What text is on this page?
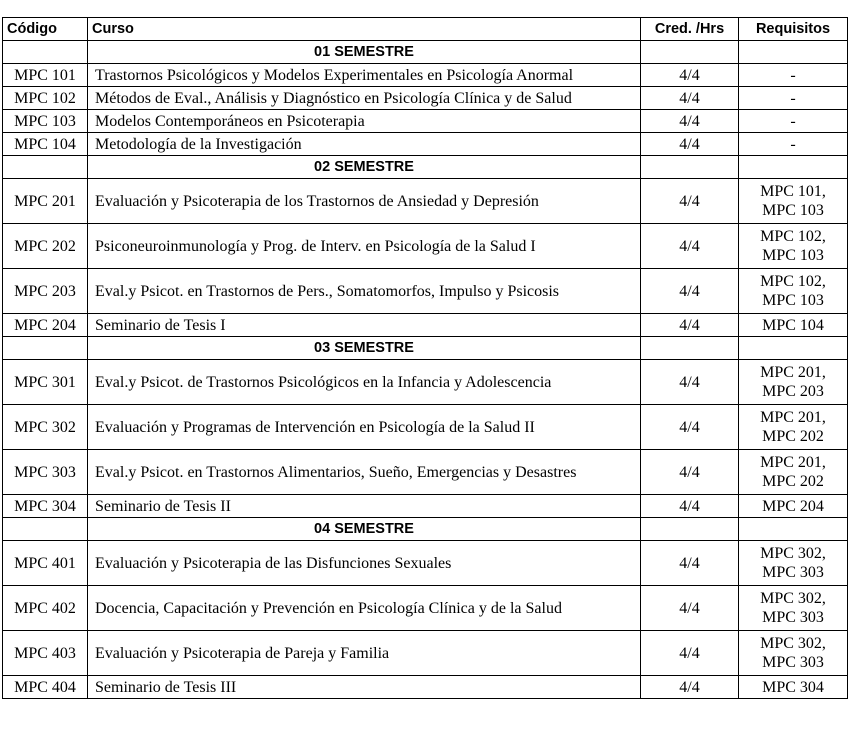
Código	Curso	Cred. /Hrs	Requisitos
	01 SEMESTRE		
MPC 101	Trastornos Psicológicos y Modelos Experimentales en Psicología Anormal	4/4	-

MPC 102	Métodos de Eval., Análisis y Diagnóstico en Psicología Clínica y de Salud	4/4	-

MPC 103	Modelos Contemporáneos en Psicoterapia	4/4	-

MPC 104	Metodología de la Investigación	4/4	-

	02 SEMESTRE		
MPC 201	Evaluación y Psicoterapia de los Trastornos de Ansiedad y Depresión	4/4	MPC 101,
MPC 103

MPC 202	Psiconeuroinmunología y Prog. de Interv. en Psicología de la Salud I	4/4	MPC 102,
MPC 103

MPC 203	Eval.y Psicot. en Trastornos de Pers., Somatomorfos, Impulso y Psicosis	4/4	MPC 102,
MPC 103

MPC 204	Seminario de Tesis I	4/4	MPC 104

	03 SEMESTRE		
MPC 301	Eval.y Psicot. de Trastornos Psicológicos en la Infancia y Adolescencia	4/4	MPC 201,
MPC 203

MPC 302	Evaluación y Programas de Intervención en Psicología de la Salud II	4/4	MPC 201,
MPC 202

MPC 303	Eval.y Psicot. en Trastornos Alimentarios, Sueño, Emergencias y Desastres	4/4	MPC 201,
MPC 202

MPC 304	Seminario de Tesis II	4/4	MPC 204

	04 SEMESTRE		
MPC 401	Evaluación y Psicoterapia de las Disfunciones Sexuales	4/4	MPC 302,
MPC 303

MPC 402	Docencia, Capacitación y Prevención en Psicología Clínica y de la Salud	4/4	MPC 302,
MPC 303

MPC 403	Evaluación y Psicoterapia de Pareja y Familia	4/4	MPC 302,
MPC 303

MPC 404	Seminario de Tesis III	4/4	MPC 304
